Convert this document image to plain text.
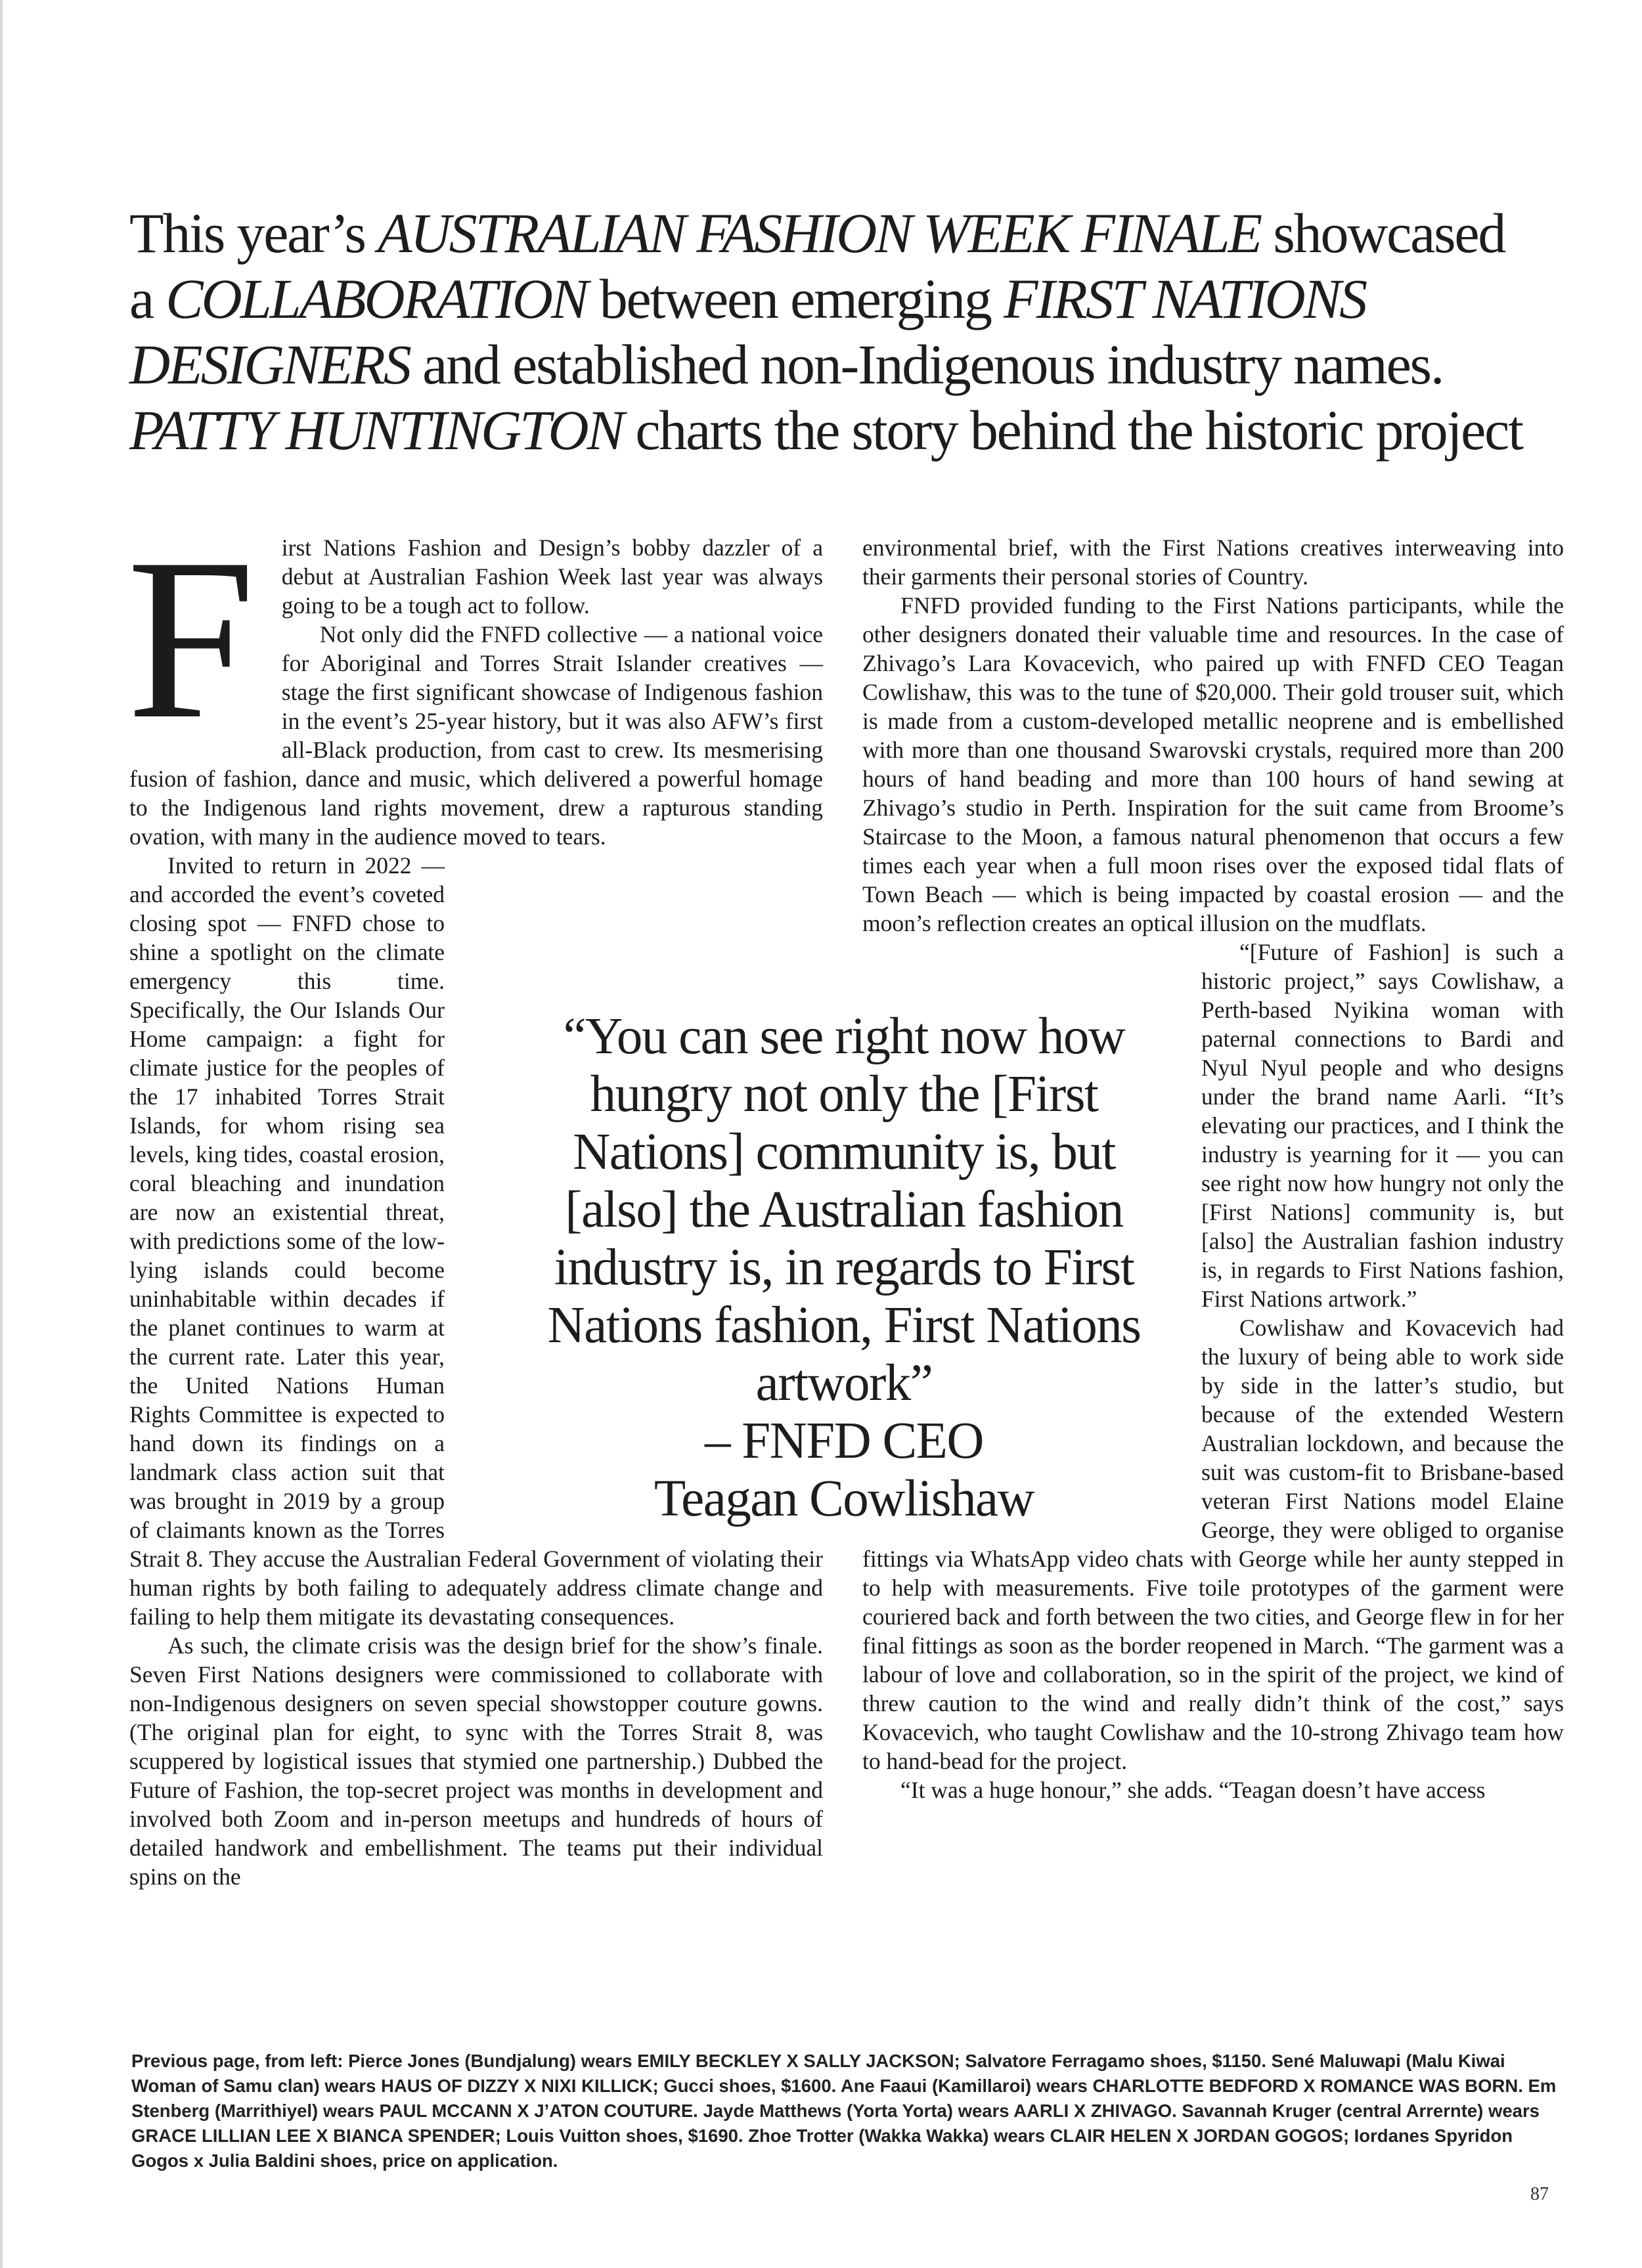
This year’s AUSTRALIAN FASHION WEEK FINALE showcased

a COLLABORATION between emerging FIRST NATIONS

DESIGNERS and established non-Indigenous industry names.

PATTY HUNTINGTON charts the story behind the historic project

F	irst Nations Fashion and Design’s bobby dazzler of a debut at Australian Fashion Week last year was always going to be a tough act to follow.

Not only did the FNFD collective — a national voice for Aboriginal and Torres Strait Islander creatives — stage the first significant showcase of Indigenous fashion in the event’s 25-year history, but it was also AFW’s first all-Black production, from cast to crew. Its mesmerising fusion of fashion, dance and music, which delivered a powerful homage to the Indigenous land rights movement, drew a rapturous standing ovation, with many in the audience moved to tears.

Invited to return in 2022 — and accorded the event’s coveted closing spot — FNFD chose to shine a spotlight on the climate emergency this time. Specifically, the Our Islands Our Home campaign: a fight for climate justice for the peoples of the 17 inhabited Torres Strait Islands, for whom rising sea levels, king tides, coastal erosion, coral bleaching and inundation are now an existential threat, with predictions some of the low-lying islands could become uninhabitable within decades if the planet continues to warm at the current rate. Later this year, the United Nations Human Rights Committee is expected to hand down its findings on a landmark class action suit that was brought in 2019 by a group of claimants known as the Torres Strait 8. They accuse the Australian Federal Government of violating their human rights by both failing to adequately address climate change and failing to help them mitigate its devastating consequences.

As such, the climate crisis was the design brief for the show’s finale. Seven First Nations designers were commissioned to collaborate with non-Indigenous designers on seven special showstopper couture gowns. (The original plan for eight, to sync with the Torres Strait 8, was scuppered by logistical issues that stymied one partnership.) Dubbed the Future of Fashion, the top-secret project was months in development and involved both Zoom and in-person meetups and hundreds of hours of detailed handwork and embellishment. The teams put their individual spins on the

environmental brief, with the First Nations creatives interweaving into their garments their personal stories of Country.

FNFD provided funding to the First Nations participants, while the other designers donated their valuable time and resources. In the case of Zhivago’s Lara Kovacevich, who paired up with FNFD CEO Teagan Cowlishaw, this was to the tune of $20,000. Their gold trouser suit, which is made from a custom-developed metallic neoprene and is embellished with more than one thousand Swarovski crystals, required more than 200 hours of hand beading and more than 100 hours of hand sewing at Zhivago’s studio in Perth. Inspiration for the suit came from Broome’s Staircase to the Moon, a famous natural phenomenon that occurs a few times each year when a full moon rises over the exposed tidal flats of Town Beach — which is being impacted by coastal erosion — and the moon’s reflection creates an optical illusion on the mudflats.

“[Future of Fashion] is such a historic project,” says Cowlishaw, a Perth-based Nyikina woman with paternal connections to Bardi and Nyul Nyul people and who designs under the brand name Aarli. “It’s elevating our practices, and I think the industry is yearning for it — you can see right now how hungry not only the [First Nations] community is, but [also] the Australian fashion industry is, in regards to First Nations fashion, First Nations artwork.”

Cowlishaw and Kovacevich had the luxury of being able to work side by side in the latter’s studio, but because of the extended Western Australian lockdown, and because the suit was custom-fit to Brisbane-based veteran First Nations model Elaine George, they were obliged to organise fittings via WhatsApp video chats with George while her aunty stepped in to help with measurements. Five toile prototypes of the garment were couriered back and forth between the two cities, and George flew in for her final fittings as soon as the border reopened in March. “The garment was a labour of love and collaboration, so in the spirit of the project, we kind of threw caution to the wind and really didn’t think of the cost,” says Kovacevich, who taught Cowlishaw and the 10-strong Zhivago team how to hand-bead for the project.

“It was a huge honour,” she adds. “Teagan doesn’t have access

“You can see right now how hungry not only the [First Nations] community is, but [also] the Australian fashion industry is, in regards to First Nations fashion, First Nations artwork”
– FNFD CEO
Teagan Cowlishaw
Previous page, from left: Pierce Jones (Bundjalung) wears EMILY BECKLEY X SALLY JACKSON; Salvatore Ferragamo shoes, $1150. Sené Maluwapi (Malu Kiwai Woman of Samu clan) wears HAUS OF DIZZY X NIXI KILLICK; Gucci shoes, $1600. Ane Faaui (Kamillaroi) wears CHARLOTTE BEDFORD X ROMANCE WAS BORN. Em Stenberg (Marrithiyel) wears PAUL MCCANN X J’ATON COUTURE. Jayde Matthews (Yorta Yorta) wears AARLI X ZHIVAGO. Savannah Kruger (central Arrernte) wears GRACE LILLIAN LEE X BIANCA SPENDER; Louis Vuitton shoes, $1690. Zhoe Trotter (Wakka Wakka) wears CLAIR HELEN X JORDAN GOGOS; Iordanes Spyridon Gogos x Julia Baldini shoes, price on application.
87
